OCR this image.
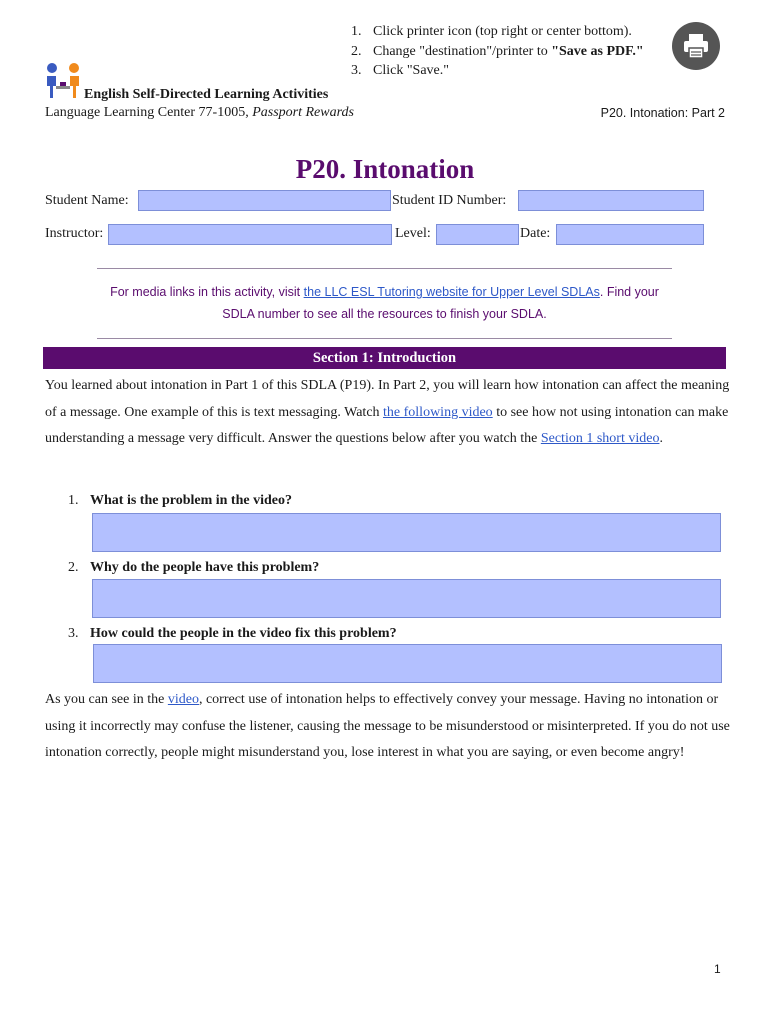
1. Click printer icon (top right or center bottom).
2. Change "destination"/printer to "Save as PDF."
3. Click "Save."
English Self-Directed Learning Activities
Language Learning Center 77-1005, Passport Rewards	P20. Intonation: Part 2
P20. Intonation
Student Name:	Student ID Number:
Instructor:	Level:	Date:
For media links in this activity, visit the LLC ESL Tutoring website for Upper Level SDLAs. Find your SDLA number to see all the resources to finish your SDLA.
Section 1: Introduction
You learned about intonation in Part 1 of this SDLA (P19). In Part 2, you will learn how intonation can affect the meaning of a message. One example of this is text messaging. Watch the following video to see how not using intonation can make understanding a message very difficult. Answer the questions below after you watch the Section 1 short video.
1. What is the problem in the video?
2. Why do the people have this problem?
3. How could the people in the video fix this problem?
As you can see in the video, correct use of intonation helps to effectively convey your message. Having no intonation or using it incorrectly may confuse the listener, causing the message to be misunderstood or misinterpreted. If you do not use intonation correctly, people might misunderstand you, lose interest in what you are saying, or even become angry!
1
